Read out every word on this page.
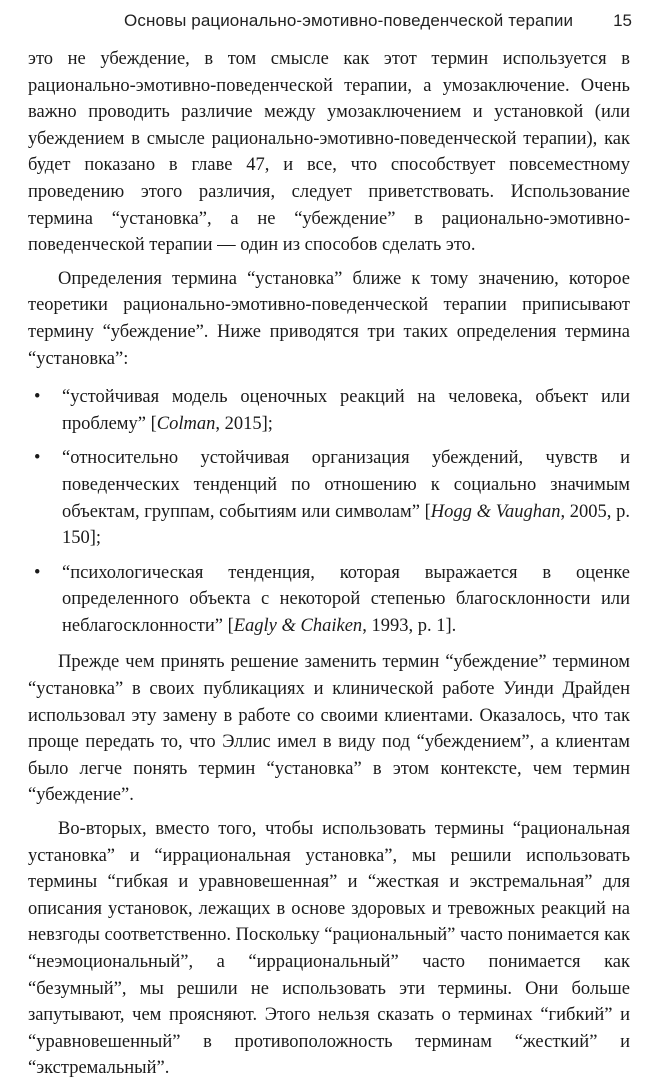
Основы рационально-эмотивно-поведенческой терапии 15

это не убеждение, в том смысле как этот термин используется в рационально-эмотивно-поведенческой терапии, а умозаключение. Очень важно проводить различие между умозаключением и установкой (или убеждением в смысле рационально-эмотивно-поведенческой терапии), как будет показано в главе 47, и все, что способствует повсеместному проведению этого различия, следует приветствовать. Использование термина “установка”, а не “убеждение” в рационально-эмотивно-поведенческой терапии — один из способов сделать это.

Определения термина “установка” ближе к тому значению, которое теоретики рационально-эмотивно-поведенческой терапии приписывают термину “убеждение”. Ниже приводятся три таких определения термина “установка”:

• “устойчивая модель оценочных реакций на человека, объект или проблему” [Colman, 2015];
• “относительно устойчивая организация убеждений, чувств и поведенческих тенденций по отношению к социально значимым объектам, группам, событиям или символам” [Hogg & Vaughan, 2005, p. 150];
• “психологическая тенденция, которая выражается в оценке определенного объекта с некоторой степенью благосклонности или неблагосклонности” [Eagly & Chaiken, 1993, p. 1].

Прежде чем принять решение заменить термин “убеждение” термином “установка” в своих публикациях и клинической работе Уинди Драйден использовал эту замену в работе со своими клиентами. Оказалось, что так проще передать то, что Эллис имел в виду под “убеждением”, а клиентам было легче понять термин “установка” в этом контексте, чем термин “убеждение”.

Во-вторых, вместо того, чтобы использовать термины “рациональная установка” и “иррациональная установка”, мы решили использовать термины “гибкая и уравновешенная” и “жесткая и экстремальная” для описания установок, лежащих в основе здоровых и тревожных реакций на невзгоды соответственно. Поскольку “рациональный” часто понимается как “неэмоциональный”, а “иррациональный” часто понимается как “безумный”, мы решили не использовать эти термины. Они больше запутывают, чем проясняют. Этого нельзя сказать о терминах “гибкий” и “уравновешенный” в противоположность терминам “жесткий” и “экстремальный”.
